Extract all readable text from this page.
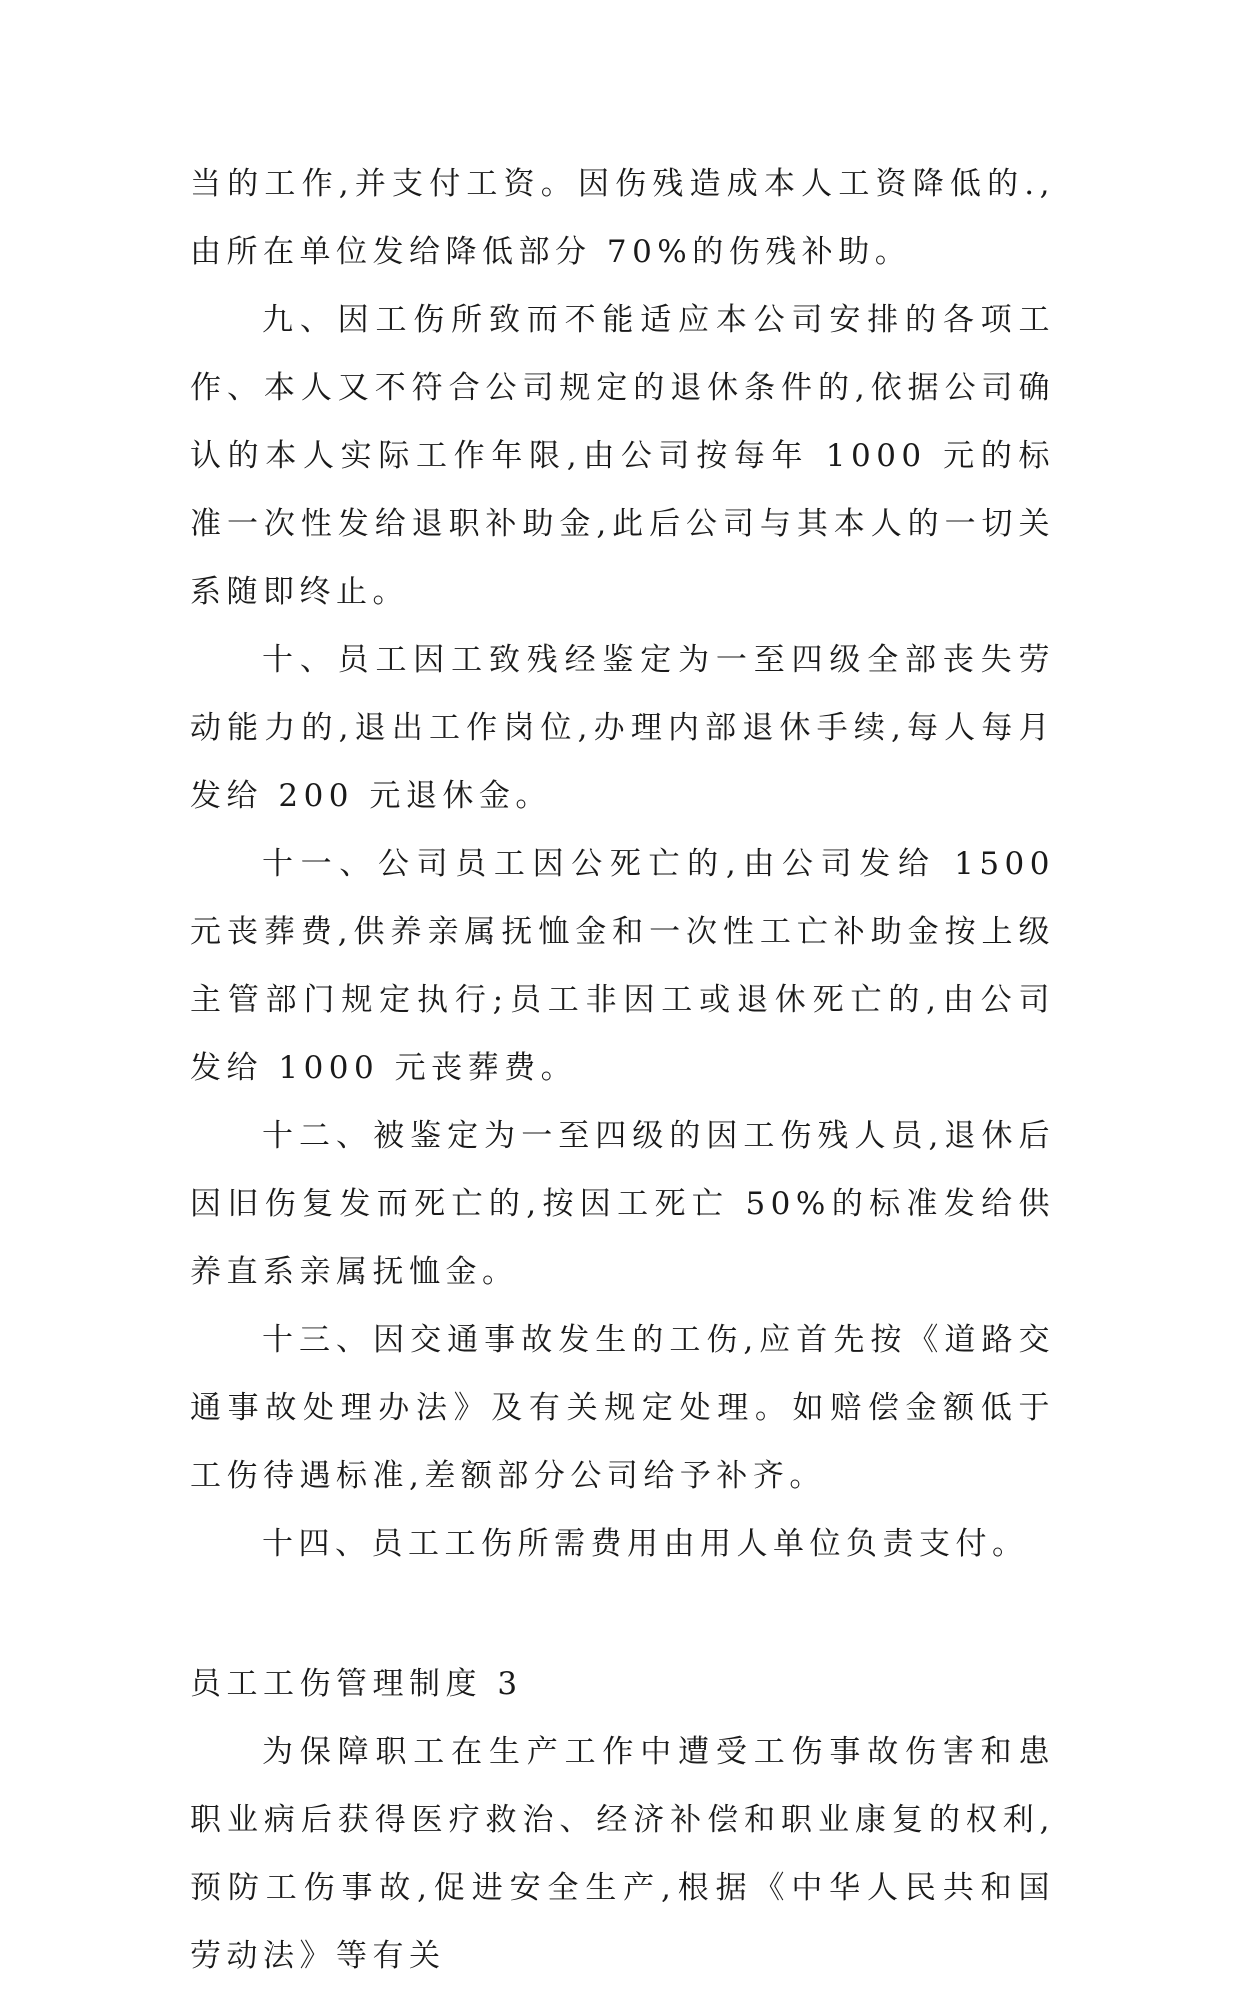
当的工作,并支付工资。因伤残造成本人工资降低的.,由所在单位发给降低部分 70%的伤残补助。

九、因工伤所致而不能适应本公司安排的各项工作、本人又不符合公司规定的退休条件的,依据公司确认的本人实际工作年限,由公司按每年 1000 元的标准一次性发给退职补助金,此后公司与其本人的一切关系随即终止。

十、员工因工致残经鉴定为一至四级全部丧失劳动能力的,退出工作岗位,办理内部退休手续,每人每月发给 200 元退休金。

十一、公司员工因公死亡的,由公司发给 1500 元丧葬费,供养亲属抚恤金和一次性工亡补助金按上级主管部门规定执行;员工非因工或退休死亡的,由公司发给 1000 元丧葬费。

十二、被鉴定为一至四级的因工伤残人员,退休后因旧伤复发而死亡的,按因工死亡 50%的标准发给供养直系亲属抚恤金。

十三、因交通事故发生的工伤,应首先按《道路交通事故处理办法》及有关规定处理。如赔偿金额低于工伤待遇标准,差额部分公司给予补齐。

十四、员工工伤所需费用由用人单位负责支付。

员工工伤管理制度 3

为保障职工在生产工作中遭受工伤事故伤害和患职业病后获得医疗救治、经济补偿和职业康复的权利,预防工伤事故,促进安全生产,根据《中华人民共和国劳动法》等有关
